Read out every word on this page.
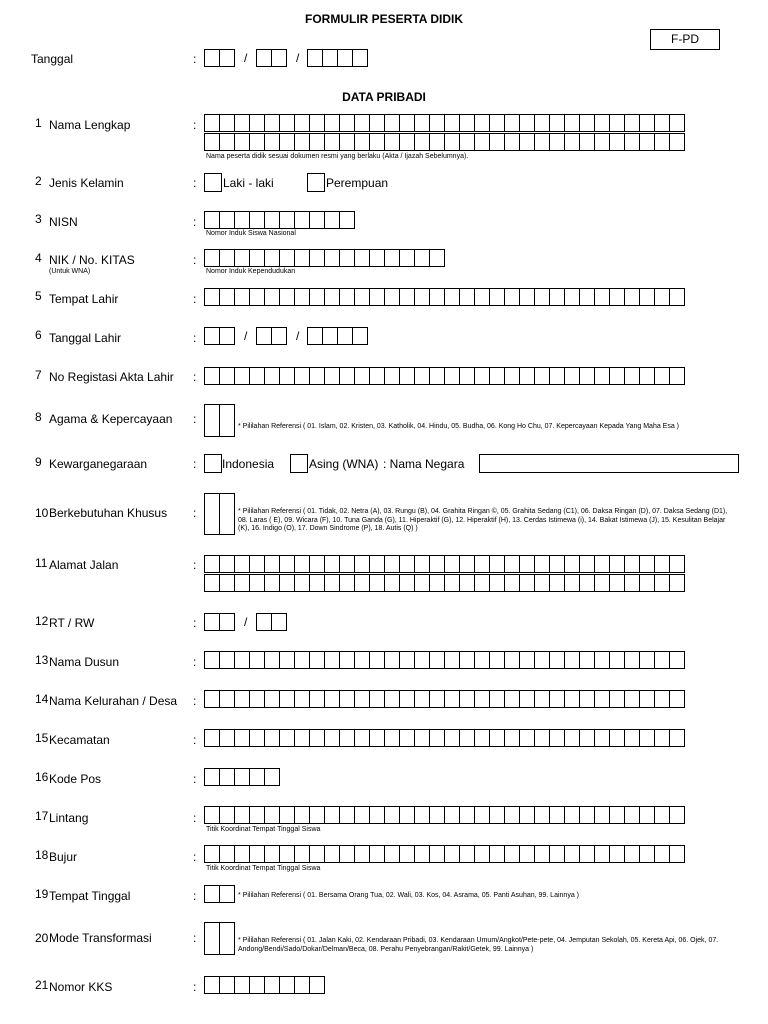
FORMULIR PESERTA DIDIK
F-PD
Tanggal	:	/	/
DATA PRIBADI
1 Nama Lengkap	:
Nama peserta didik sesuai dokumen resmi yang berlaku (Akta / Ijazah Sebelumnya).
2 Jenis Kelamin	: Laki - laki	Perempuan
3 NISN	:
Nomor Induk Siswa Nasional
4 NIK / No. KITAS
(Untuk WNA)
:
Nomor Induk Kependudukan
5 Tempat Lahir	:
6 Tanggal Lahir	:	/	/
7 No Registasi Akta Lahir :
8 Agama & Kepercayaan :
* Pililahan Referensi ( 01. Islam, 02. Kristen, 03. Katholik, 04. Hindu, 05. Budha, 06. Kong Ho Chu, 07. Kepercayaan Kepada Yang Maha Esa )
9 Kewarganegaraan	: Indonesia	Asing (WNA) : Nama Negara
10 Berkebutuhan Khusus :	* Pililahan Referensi ( 01. Tidak, 02. Netra (A), 03. Rungu (B), 04. Grahita Ringan ©, 05. Grahita Sedang (C1), 06. Daksa Ringan (D), 07. Daksa Sedang (D1), 08. Laras ( E), 09. Wicara (F), 10. Tuna Ganda (G), 11. Hiperaktif (G), 12. Hiperaktif (H), 13. Cerdas Istimewa (i), 14. Bakat Istimewa (J), 15. Kesulitan Belajar (K), 16. Indigo (O), 17. Down Sindrome (P), 18. Autis (Q) )
11 Alamat Jalan	:
12 RT / RW	:	/
13 Nama Dusun	:
14 Nama Kelurahan / Desa :
15 Kecamatan	:
16 Kode Pos	:
17 Lintang	:
Titik Koordinat Tempat Tinggal Siswa
18 Bujur	:
Titik Koordinat Tempat Tinggal Siswa
19 Tempat Tinggal	:	* Pililahan Referensi ( 01. Bersama Orang Tua, 02. Wali, 03. Kos, 04. Asrama, 05. Panti Asuhan, 99. Lainnya )
20 Mode Transformasi	:	* Pililahan Referensi ( 01. Jalan Kaki, 02. Kendaraan Pribadi, 03. Kendaraan Umum/Angkot/Pete-pete, 04. Jemputan Sekolah, 05. Kereta Api, 06. Ojek, 07. Andong/Bendi/Sado/Dokar/Delman/Beca, 08. Perahu Penyebrangan/Rakit/Getek, 99. Lainnya )
21 Nomor KKS	:
